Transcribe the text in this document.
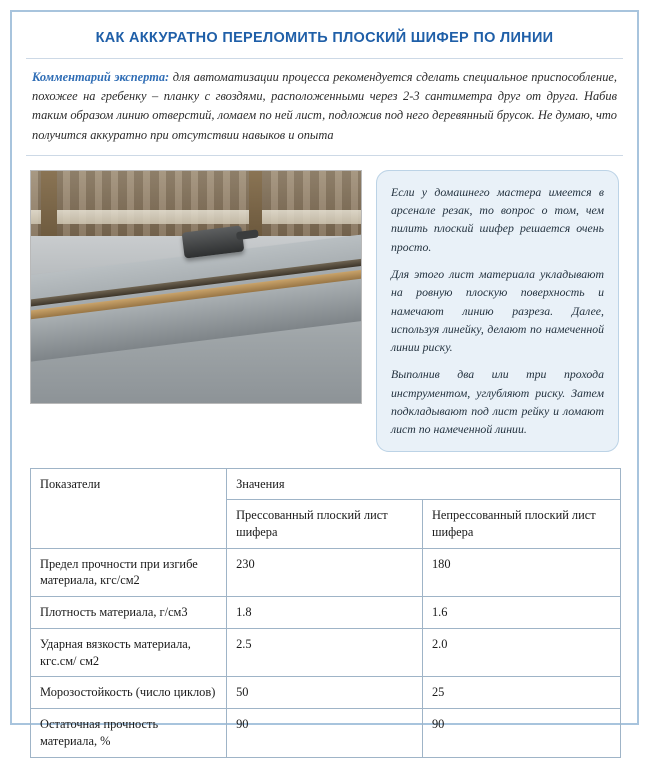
КАК АККУРАТНО ПЕРЕЛОМИТЬ ПЛОСКИЙ ШИФЕР ПО ЛИНИИ
Комментарий эксперта: для автоматизации процесса рекомендуется сделать специальное приспособление, похожее на гребенку – планку с гвоздями, расположенными через 2-3 сантиметра друг от друга. Набив таким образом линию отверстий, ломаем по ней лист, подложив под него деревянный брусок. Не думаю, что получится аккуратно при отсутствии навыков и опыта

Если у домашнего мастера имеется в арсенале резак, то вопрос о том, чем пилить плоский шифер решается очень просто.

Для этого лист материала укладывают на ровную плоскую поверхность и намечают линию разреза. Далее, используя линейку, делают по намеченной линии риску.

Выполнив два или три прохода инструментом, углубляют риску. Затем подкладывают под лист рейку и ломают лист по намеченной линии.

Показатели	Значения	
	Прессованный плоский лист шифера	Непрессованный плоский лист шифера
Предел прочности при изгибе материала, кгс/см2	230	180
Плотность материала, г/см3	1.8	1.6
Ударная вязкость материала, кгс.см/ см2	2.5	2.0
Морозостойкость (число циклов)	50	25
Остаточная прочность материала, %	90	90
